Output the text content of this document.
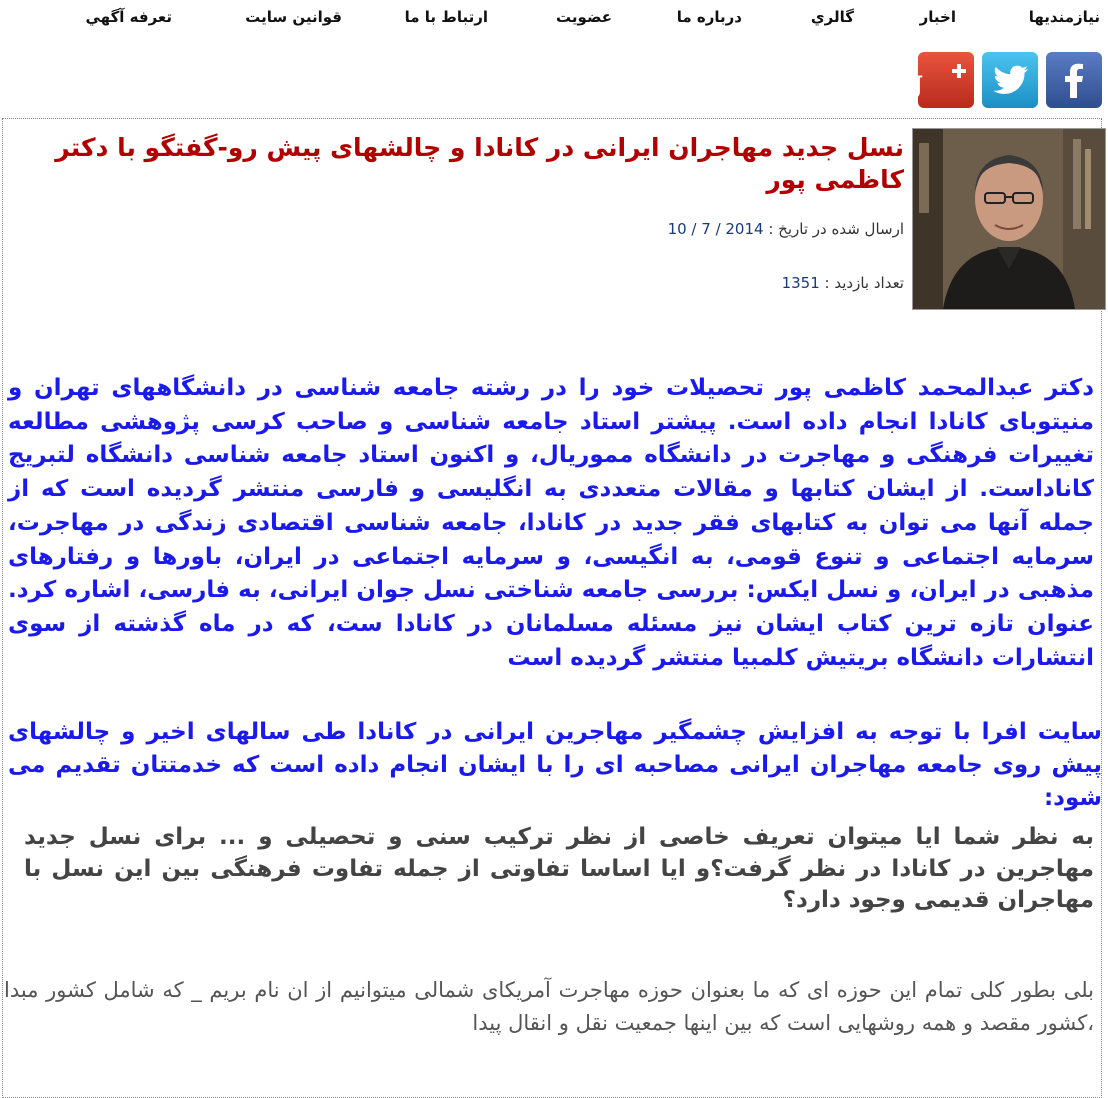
نيازمنديها
اخبار
گالري
درباره ما
عضويت
ارتباط با ما
قوانين سايت
تعرفه آگهي
g
نسل جدید مهاجران ایرانی در کانادا و چالشهای پیش رو-گفتگو با دکتر کاظمی پور
ارسال شده در تاریخ : 10 / 7 / 2014
تعداد بازدید : 1351

دکتر عبدالمحمد کاظمی پور تحصیلات خود را در رشته جامعه شناسی در دانشگاههای تهران و منیتوبای کانادا انجام داده است. پیشتر استاد جامعه شناسی و صاحب کرسی پژوهشی مطالعه تغییرات فرهنگی و مهاجرت در دانشگاه مموریال، و اکنون استاد جامعه شناسی دانشگاه لتبریج کاناداست. از ایشان کتابها و مقالات متعددی به انگلیسی و فارسی منتشر گردیده است که از جمله آنها می توان به کتابهای فقر جدید در کانادا، جامعه شناسی اقتصادی زندگی در مهاجرت، سرمایه اجتماعی و تنوع قومی، به انگیسی، و سرمایه اجتماعی در ایران، باورها و رفتارهای مذهبی در ایران، و نسل ایکس: بررسی جامعه شناختی نسل جوان ایرانی، به فارسی، اشاره کرد. عنوان تازه ترین کتاب ایشان نیز مسئله مسلمانان در کانادا ست، که در ماه گذشته از سوی انتشارات دانشگاه بریتیش کلمبیا منتشر گردیده است

سایت افرا با توجه به افزایش چشمگیر مهاجرین ایرانی در کانادا طی سالهای اخیر و چالشهای پیش روی جامعه مهاجران ایرانی مصاحبه ای را با ایشان انجام داده است که خدمتتان تقدیم می شود:

به نظر شما ایا میتوان تعریف خاصی از نظر ترکیب سنی و تحصیلی و ... برای نسل جدید مهاجرین در کانادا در نظر گرفت؟و ایا اساسا تفاوتی از جمله تفاوت فرهنگی بین این نسل با مهاجران قدیمی وجود دارد؟

بلی بطور کلی تمام این حوزه ای که ما بعنوان حوزه مهاجرت آمریکای شمالی میتوانیم از ان نام بریم _ که شامل کشور مبدا ،کشور مقصد و همه روشهایی است که بین اینها جمعیت نقل و انقال پیدا
